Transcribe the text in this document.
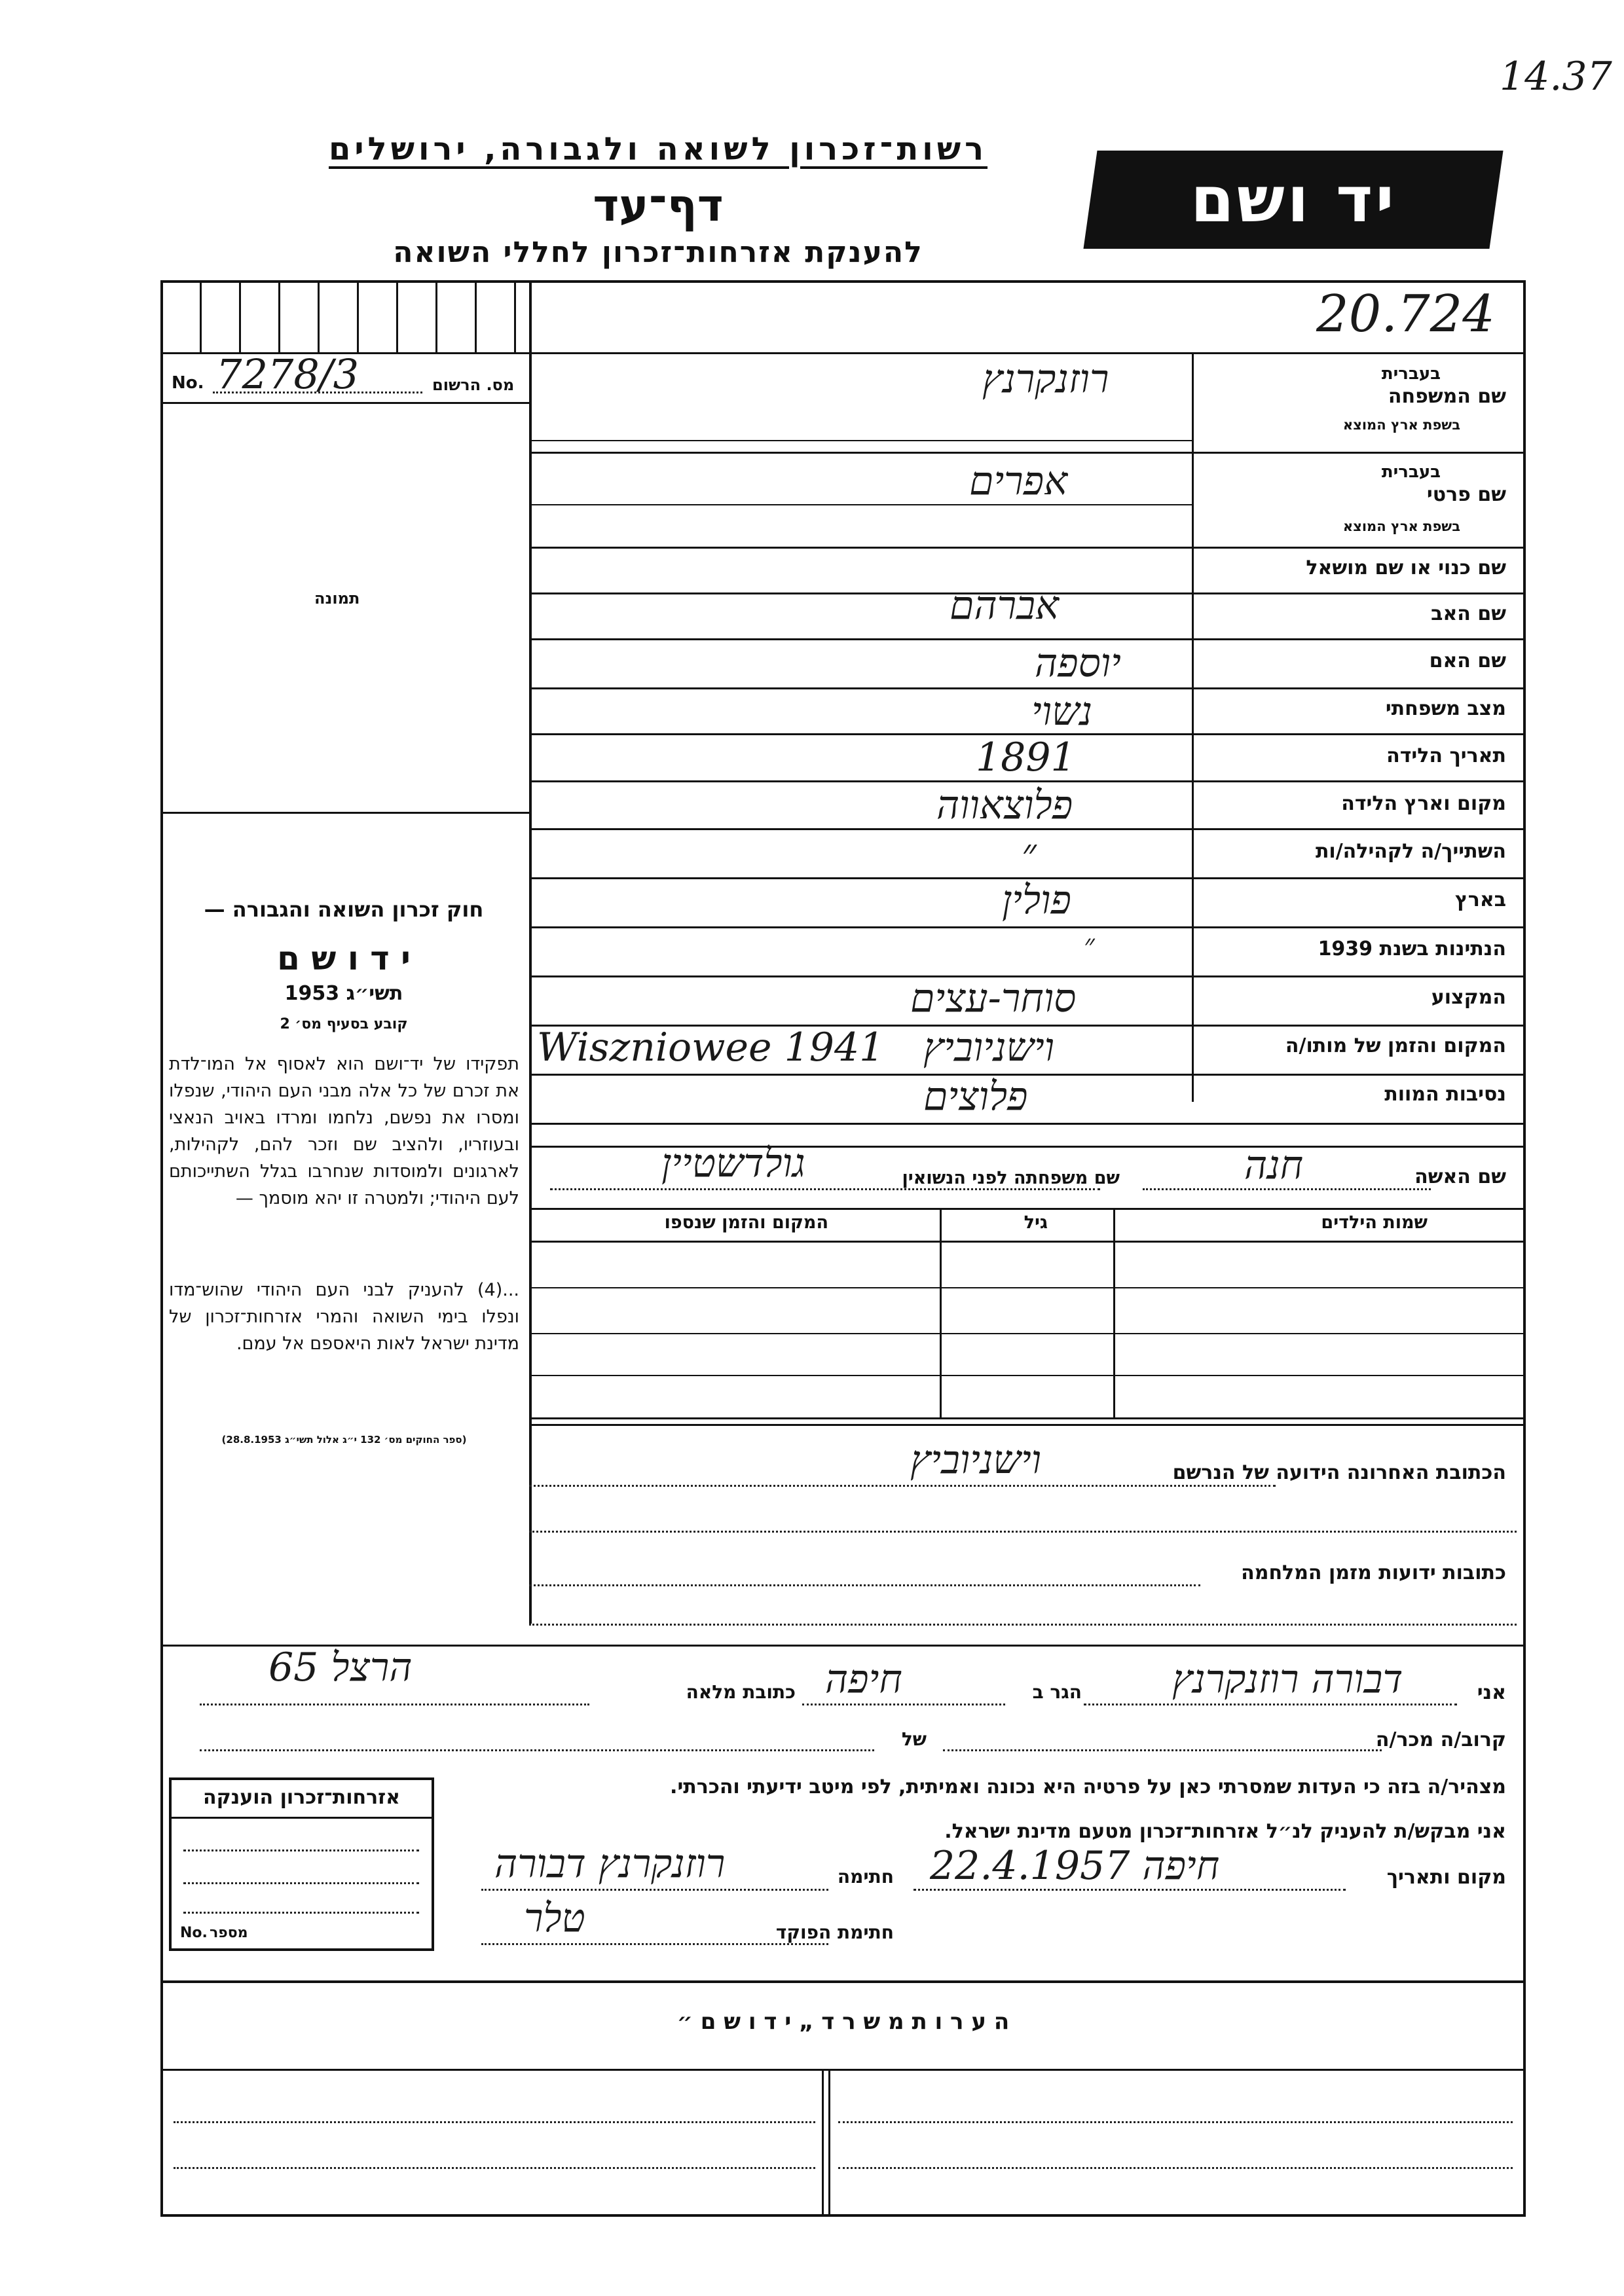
14.37
רשות־זכרון לשואה ולגבורה, ירושלים
דף־עד
להענקת אזרחות־זכרון לחללי השואה
יד ושם
20.724
No. 7278/3	מס. הרשום
תמונה
חוק זכרון השואה והגבורה —
י ד ו ש ם
תשי״ג 1953
קובע בסעיף מס׳ 2
תפקידו של יד־ושם הוא לאסוף אל המו־לדת את זכרם של כל אלה מבני העם היהודי, שנפלו ומסרו את נפשם, נלחמו ומרדו באויב הנאצי ובעוזריו, ולהציב שם וזכר להם, לקהילות, לארגונים ולמוסדות שנחרבו בגלל השתייכותם לעם היהודי; ולמטרה זו יהא מוסמך —
...(4) להעניק לבני העם היהודי שהוש־מדו ונפלו בימי השואה והמרי אזרחות־זכרון של מדינת ישראל לאות היאספם אל עמם.
(ספר החוקים מס׳ 132 י״ג אלול תשי״ג 28.8.1953)
שם המשפחה
בעברית
בשפת ארץ המוצא
רוזנקרנץ
שם פרטי
בעברית
בשפת ארץ המוצא
אפרים
שם כנוי או שם מושאל
שם האב
אברהם
שם האם
יוספה
מצב משפחתי
נשוי
תאריך הלידה
1891
מקום וארץ הלידה
פלוצאווה
השתייך/ה לקהילה/ות
״
בארץ
פולין
הנתינות בשנת 1939
״
המקצוע
סוחר-עצים
המקום והזמן של מותו/ה
Wiszniowee 1941 וישניוביץ
נסיבות המוות
פלוצים
שם האשה
חנה
שם משפחתה לפני הנשואין
גולדשטיין
שמות הילדים
גיל
המקום והזמן שנספו
הכתובת האחרונה הידועה של הנרשם
וישניוביץ
כתובות ידועות מזמן המלחמה
אני
דבורה רוזנקרנץ
הגר ב
חיפה
כתובת מלאה
הרצל 65
קרוב/ה מכר/ה
של
מצהיר/ה בזה כי העדות שמסרתי כאן על פרטיה היא נכונה ואמיתית, לפי מיטב ידיעתי והכרתי.
אני מבקש/ת להעניק לנ״ל אזרחות־זכרון מטעם מדינת ישראל.
מקום ותאריך
חיפה 22.4.1957
חתימה
רוזנקרנץ דבורה
חתימת הפוקד
טלר
אזרחות־זכרון הוענקה
No. מספר
ה ע ר ו ת מ ש ר ד „ י ד ו ש ם ״
